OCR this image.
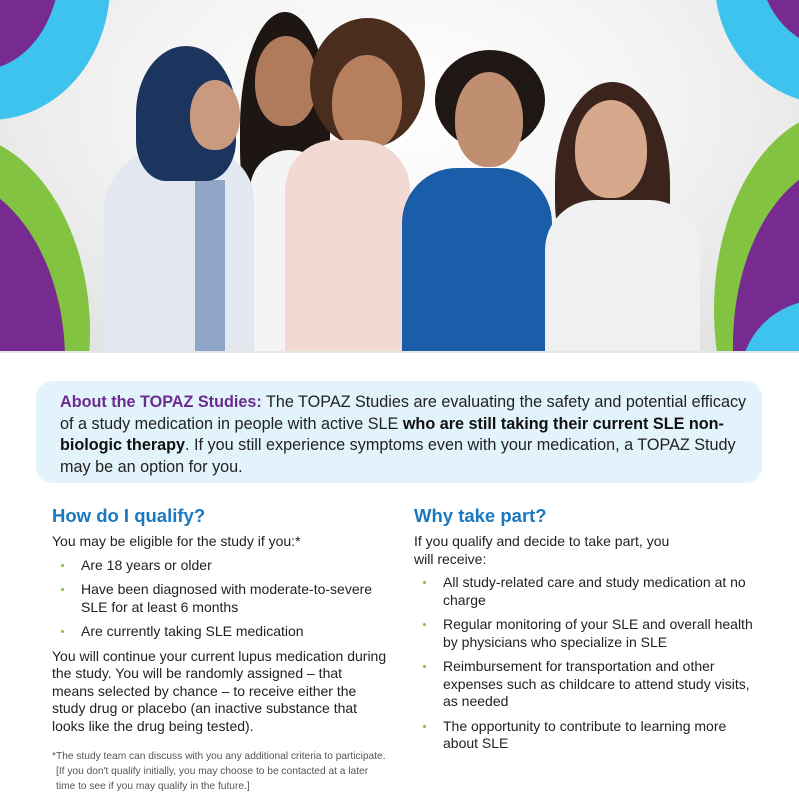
About the TOPAZ Studies: The TOPAZ Studies are evaluating the safety and potential efficacy of a study medication in people with active SLE who are still taking their current SLE non-biologic therapy. If you still experience symptoms even with your medication, a TOPAZ Study may be an option for you.

How do I qualify?

You may be eligible for the study if you:*

Are 18 years or older
Have been diagnosed with moderate-to-severe SLE for at least 6 months
Are currently taking SLE medication

You will continue your current lupus medication during the study. You will be randomly assigned – that means selected by chance – to receive either the study drug or placebo (an inactive substance that looks like the drug being tested).

*The study team can discuss with you any additional criteria to participate. [If you don't qualify initially, you may choose to be contacted at a later time to see if you may qualify in the future.]

Why take part?

If you qualify and decide to take part, you will receive:

All study-related care and study medication at no charge
Regular monitoring of your SLE and overall health by physicians who specialize in SLE
Reimbursement for transportation and other expenses such as childcare to attend study visits, as needed
The opportunity to contribute to learning more about SLE
